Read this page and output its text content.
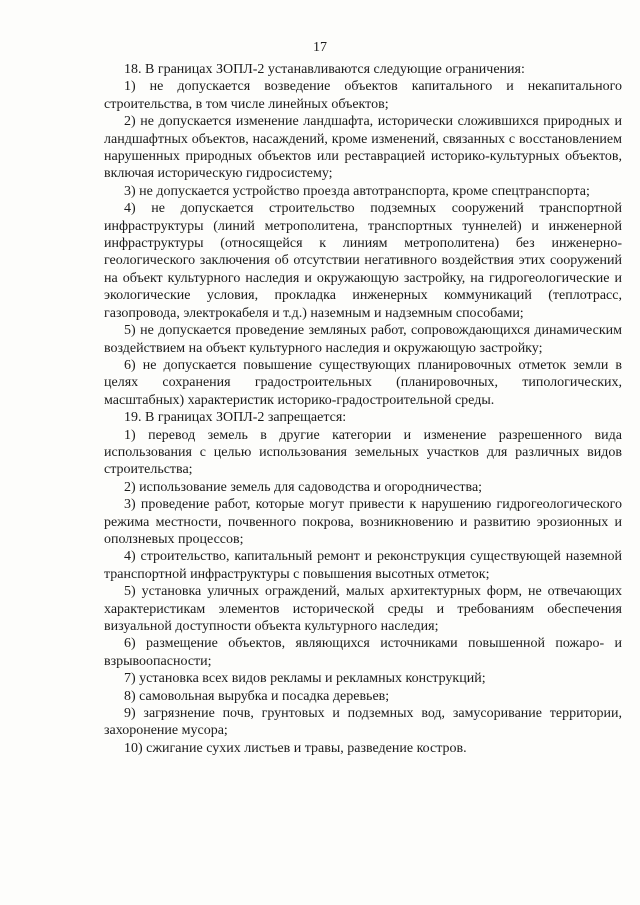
17

18. В границах ЗОПЛ-2 устанавливаются следующие ограничения:

1) не допускается возведение объектов капитального и некапитального строительства, в том числе линейных объектов;

2) не допускается изменение ландшафта, исторически сложившихся природных и ландшафтных объектов, насаждений, кроме изменений, связанных с восстановлением нарушенных природных объектов или реставрацией историко-культурных объектов, включая историческую гидросистему;

3) не допускается устройство проезда автотранспорта, кроме спецтранспорта;

4) не допускается строительство подземных сооружений транспортной инфраструктуры (линий метрополитена, транспортных туннелей) и инженерной инфраструктуры (относящейся к линиям метрополитена) без инженерно-геологического заключения об отсутствии негативного воздействия этих сооружений на объект культурного наследия и окружающую застройку, на гидрогеологические и экологические условия, прокладка инженерных коммуникаций (теплотрасс, газопровода, электрокабеля и т.д.) наземным и надземным способами;

5) не допускается проведение земляных работ, сопровождающихся динамическим воздействием на объект культурного наследия и окружающую застройку;

6) не допускается повышение существующих планировочных отметок земли в целях сохранения градостроительных (планировочных, типологических, масштабных) характеристик историко-градостроительной среды.

19. В границах ЗОПЛ-2 запрещается:

1) перевод земель в другие категории и изменение разрешенного вида использования с целью использования земельных участков для различных видов строительства;

2) использование земель для садоводства и огородничества;

3) проведение работ, которые могут привести к нарушению гидрогеологического режима местности, почвенного покрова, возникновению и развитию эрозионных и оползневых процессов;

4) строительство, капитальный ремонт и реконструкция существующей наземной транспортной инфраструктуры с повышения высотных отметок;

5) установка уличных ограждений, малых архитектурных форм, не отвечающих характеристикам элементов исторической среды и требованиям обеспечения визуальной доступности объекта культурного наследия;

6) размещение объектов, являющихся источниками повышенной пожаро- и взрывоопасности;

7) установка всех видов рекламы и рекламных конструкций;

8) самовольная вырубка и посадка деревьев;

9) загрязнение почв, грунтовых и подземных вод, замусоривание территории, захоронение мусора;

10) сжигание сухих листьев и травы, разведение костров.
